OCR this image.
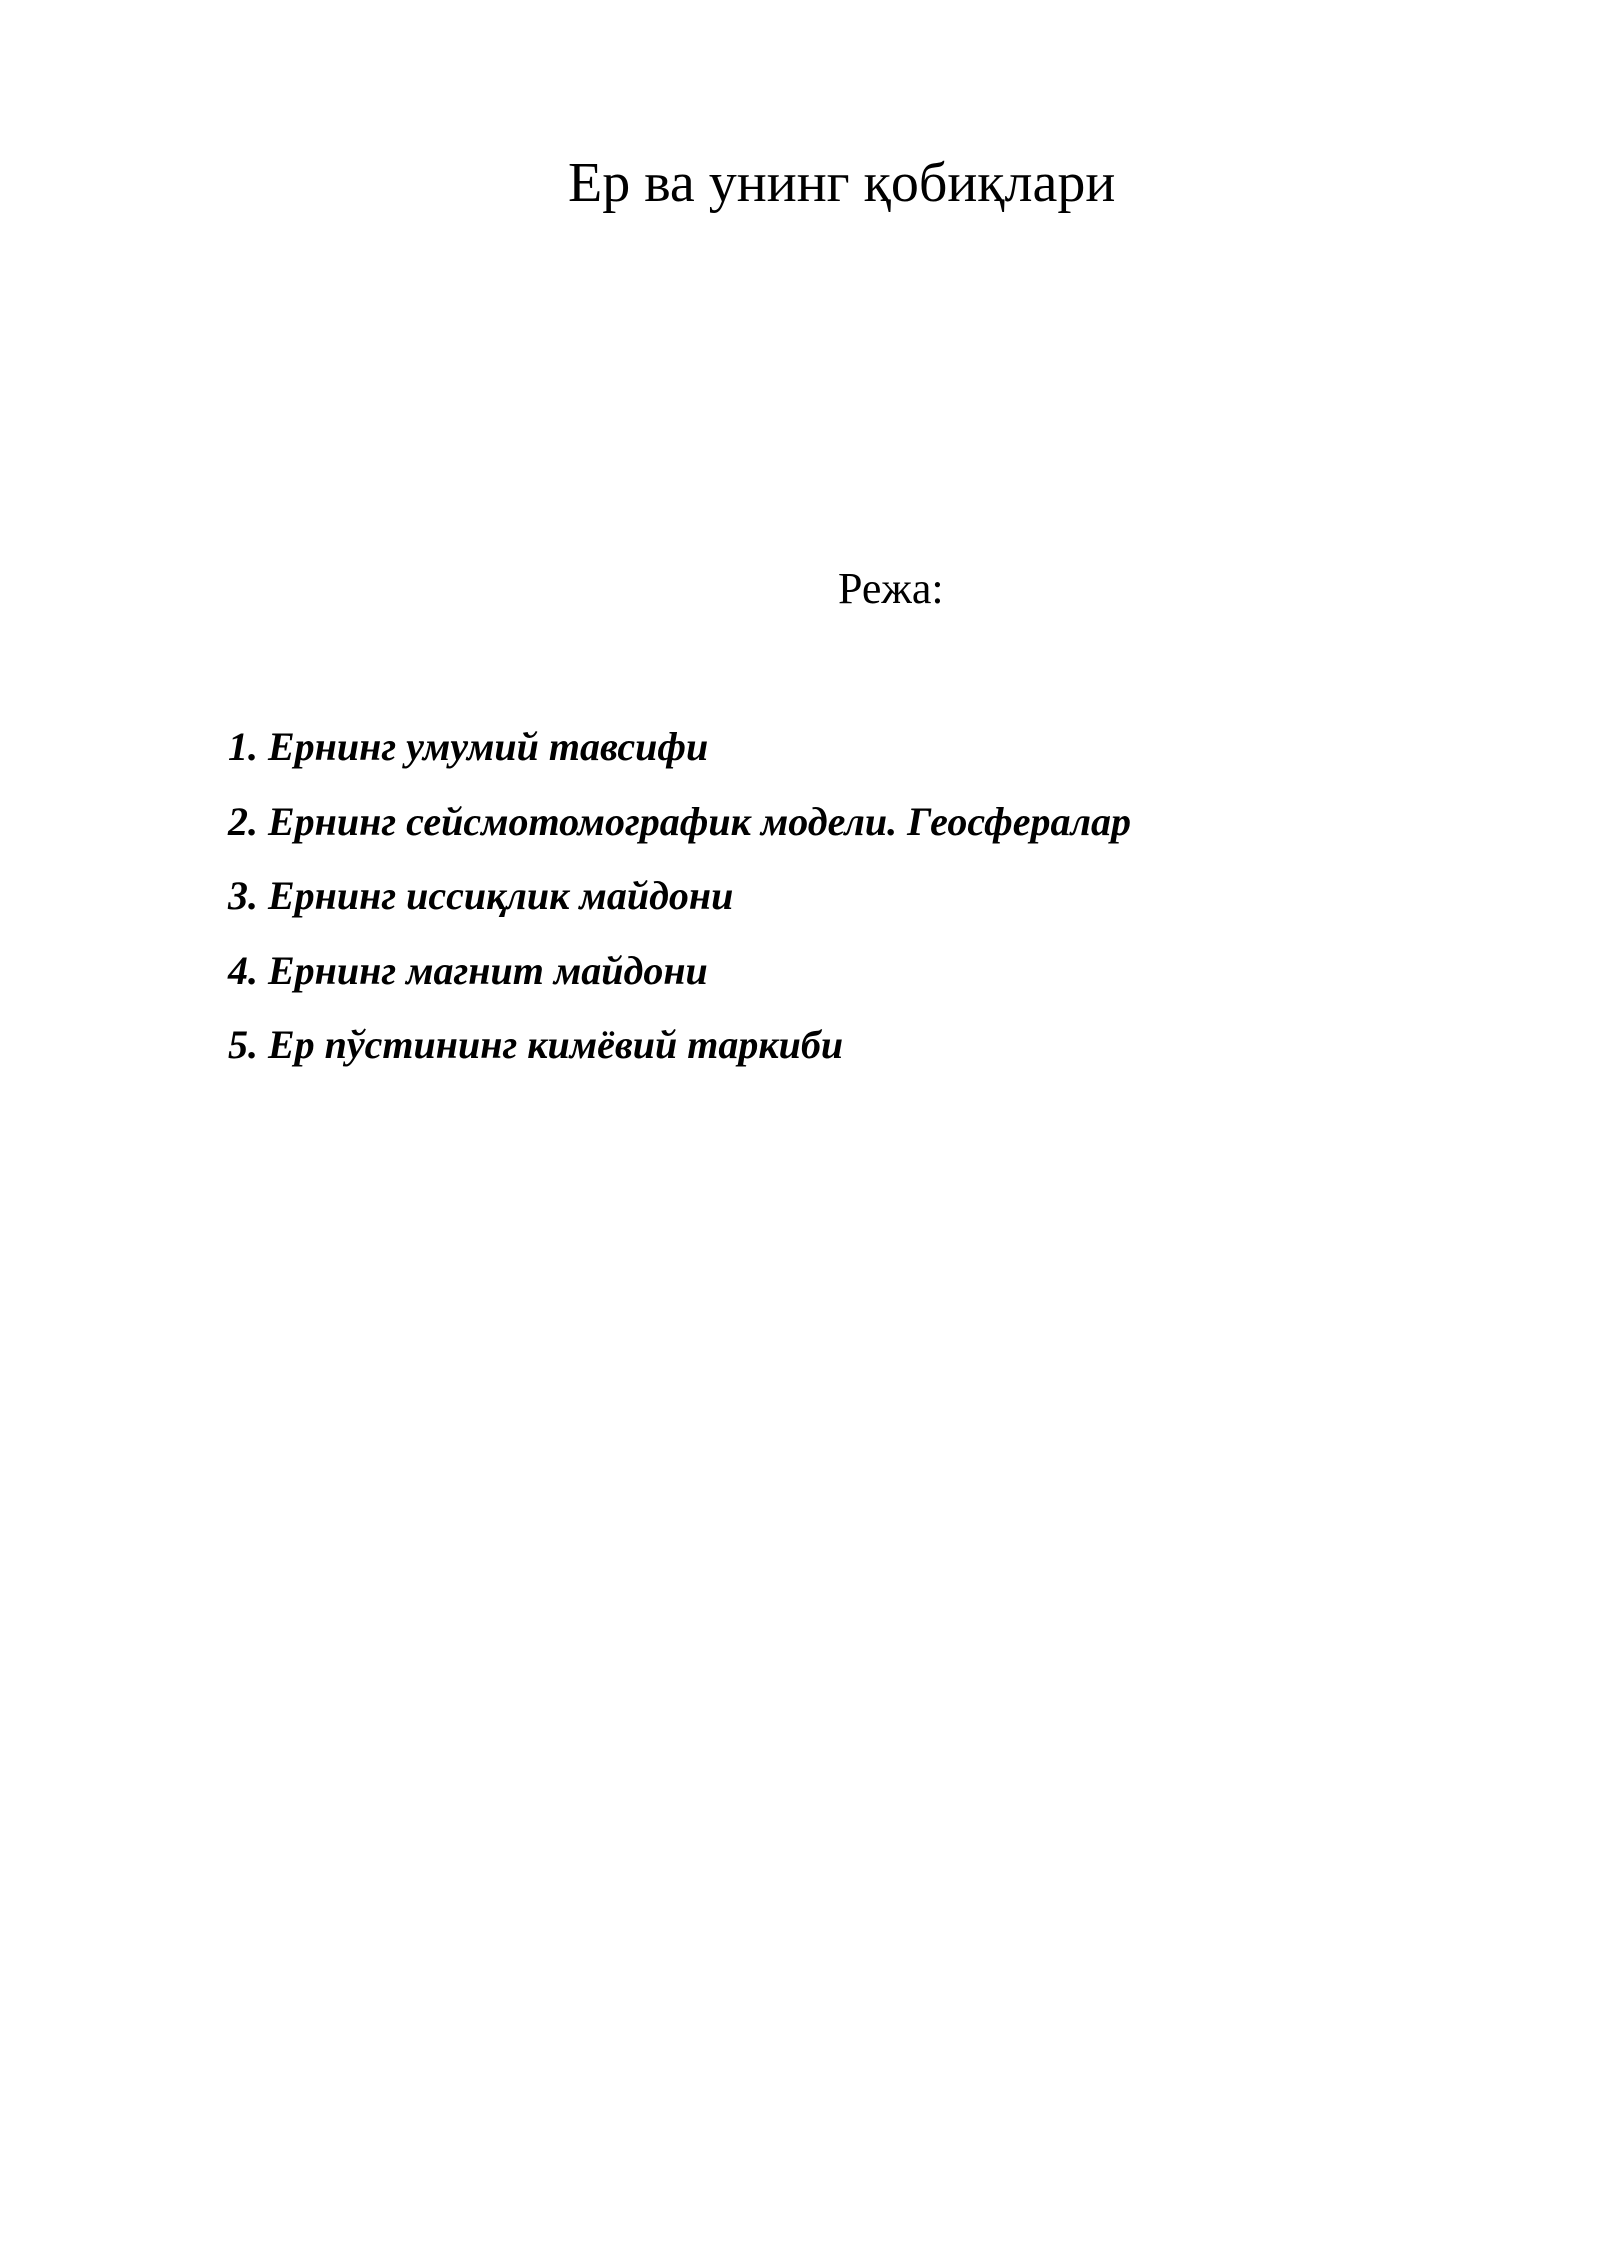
Ер ва унинг қобиқлари

Режа:

1. Ернинг умумий тавсифи
2. Ернинг сейсмотомографик модели. Геосфералар
3. Ернинг иссиқлик майдони
4. Ернинг магнит майдони
5. Ер пўстининг кимёвий таркиби
